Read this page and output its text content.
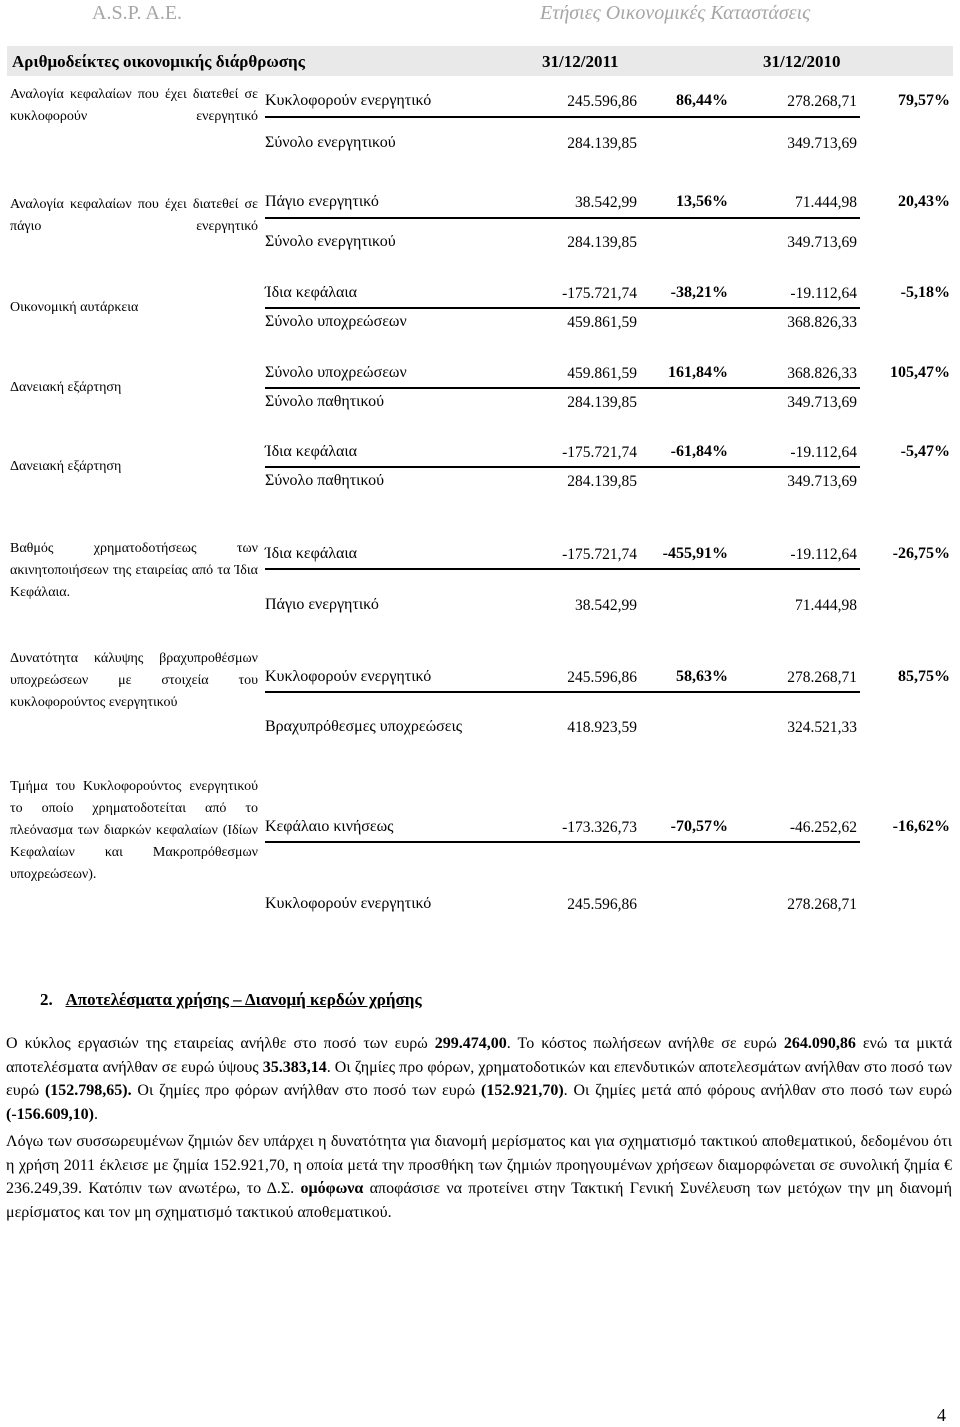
A.S.P. A.E.	Ετήσιες Οικονομικές Καταστάσεις
Αριθμοδείκτες οικονομικής διάρθρωσης	31/12/2011	31/12/2010
Αναλογία κεφαλαίων που έχει διατεθεί σε κυκλοφορούν ενεργητικό
Κυκλοφορούν ενεργητικό	245.596,86 86,44%	278.268,71	79,57%
Σύνολο ενεργητικού	284.139,85	349.713,69
Αναλογία κεφαλαίων που έχει διατεθεί σε πάγιο ενεργητικό
Πάγιο ενεργητικό	38.542,99 13,56%	71.444,98	20,43%
Σύνολο ενεργητικού	284.139,85	349.713,69
Οικονομική αυτάρκεια
Ίδια κεφάλαια	-175.721,74 -38,21%	-19.112,64	-5,18%
Σύνολο υποχρεώσεων	459.861,59	368.826,33
Δανειακή εξάρτηση
Σύνολο υποχρεώσεων	459.861,59 161,84%	368.826,33 105,47%
Σύνολο παθητικού	284.139,85	349.713,69
Δανειακή εξάρτηση
Ίδια κεφάλαια	-175.721,74 -61,84%	-19.112,64	-5,47%
Σύνολο παθητικού	284.139,85	349.713,69
Βαθμός χρηματοδοτήσεως των ακινητοποιήσεων της εταιρείας από τα Ίδια Κεφάλαια.
Ίδια κεφάλαια	-175.721,74 -455,91%	-19.112,64 -26,75%
Πάγιο ενεργητικό	38.542,99	71.444,98
Δυνατότητα κάλυψης βραχυπροθέσμων υποχρεώσεων με στοιχεία του κυκλοφορούντος ενεργητικού
Κυκλοφορούν ενεργητικό	245.596,86 58,63%	278.268,71	85,75%
Βραχυπρόθεσμες υποχρεώσεις	418.923,59	324.521,33
Τμήμα του Κυκλοφορούντος ενεργητικού το οποίο χρηματοδοτείται από το πλεόνασμα των διαρκών κεφαλαίων (Ιδίων Κεφαλαίων και Μακροπρόθεσμων υποχρεώσεων).
Κεφάλαιο κινήσεως	-173.326,73 -70,57%	-46.252,62 -16,62%
Κυκλοφορούν ενεργητικό	245.596,86	278.268,71
2. Αποτελέσματα χρήσης – Διανομή κερδών χρήσης
Ο κύκλος εργασιών της εταιρείας ανήλθε στο ποσό των ευρώ 299.474,00. Το κόστος πωλήσεων ανήλθε σε ευρώ 264.090,86 ενώ τα μικτά αποτελέσματα ανήλθαν σε ευρώ ύψους 35.383,14. Οι ζημίες προ φόρων, χρηματοδοτικών και επενδυτικών αποτελεσμάτων ανήλθαν στο ποσό των ευρώ (152.798,65). Οι ζημίες προ φόρων ανήλθαν στο ποσό των ευρώ (152.921,70). Οι ζημίες μετά από φόρους ανήλθαν στο ποσό των ευρώ (-156.609,10).
Λόγω των συσσωρευμένων ζημιών δεν υπάρχει η δυνατότητα για διανομή μερίσματος και για σχηματισμό τακτικού αποθεματικού, δεδομένου ότι η χρήση 2011 έκλεισε με ζημία 152.921,70, η οποία μετά την προσθήκη των ζημιών προηγουμένων χρήσεων διαμορφώνεται σε συνολική ζημία € 236.249,39. Κατόπιν των ανωτέρω, το Δ.Σ. ομόφωνα αποφάσισε να προτείνει στην Τακτική Γενική Συνέλευση των μετόχων την μη διανομή μερίσματος και τον μη σχηματισμό τακτικού αποθεματικού.
4
